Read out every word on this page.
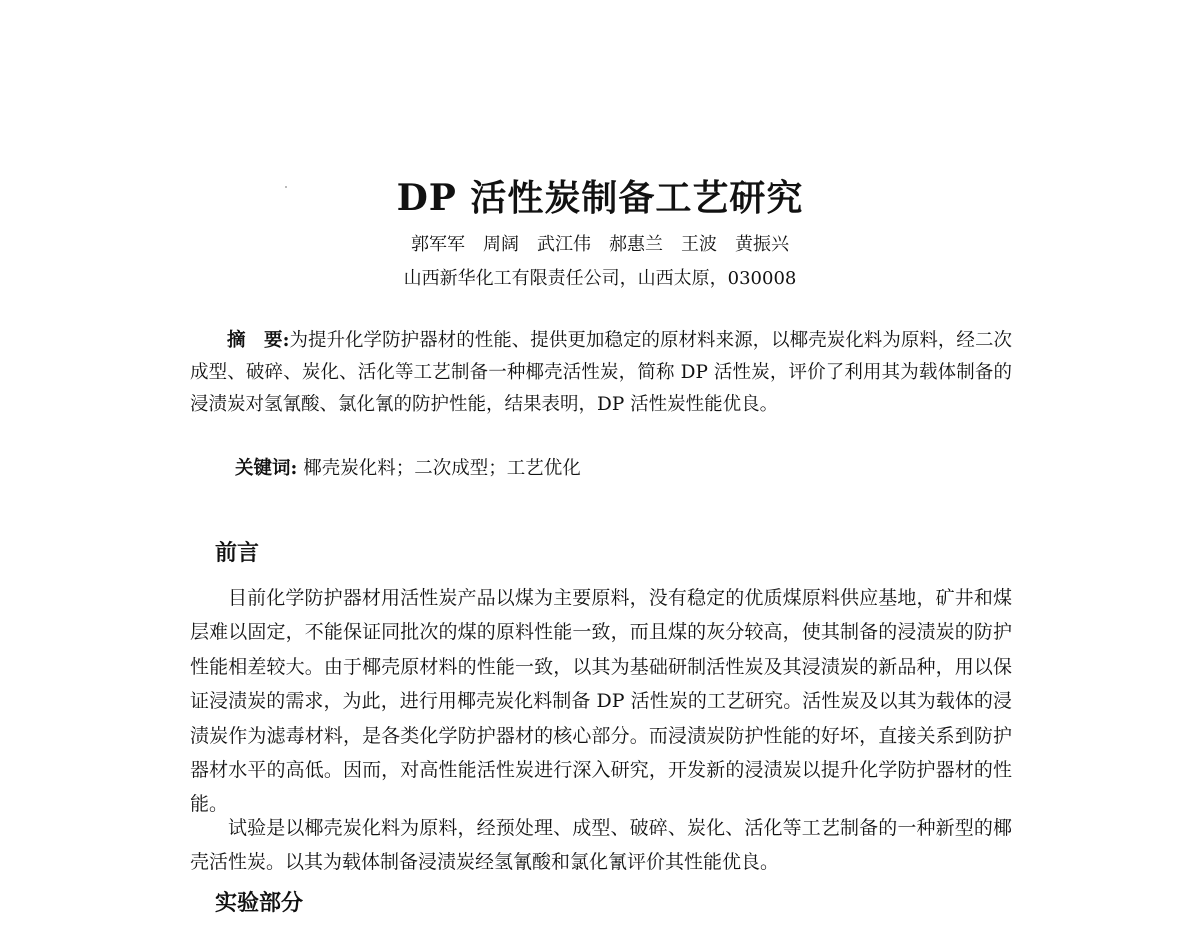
DP 活性炭制备工艺研究
郭军军 周阔 武江伟 郝惠兰 王波 黄振兴
山西新华化工有限责任公司，山西太原，030008

摘　要:为提升化学防护器材的性能、提供更加稳定的原材料来源，以椰壳炭化料为原料，经二次成型、破碎、炭化、活化等工艺制备一种椰壳活性炭，简称 DP 活性炭，评价了利用其为载体制备的浸渍炭对氢氰酸、氯化氰的防护性能，结果表明，DP 活性炭性能优良。

关键词: 椰壳炭化料；二次成型；工艺优化
前言

目前化学防护器材用活性炭产品以煤为主要原料，没有稳定的优质煤原料供应基地，矿井和煤层难以固定，不能保证同批次的煤的原料性能一致，而且煤的灰分较高，使其制备的浸渍炭的防护性能相差较大。由于椰壳原材料的性能一致，以其为基础研制活性炭及其浸渍炭的新品种，用以保证浸渍炭的需求，为此，进行用椰壳炭化料制备 DP 活性炭的工艺研究。活性炭及以其为载体的浸渍炭作为滤毒材料，是各类化学防护器材的核心部分。而浸渍炭防护性能的好坏，直接关系到防护器材水平的高低。因而，对高性能活性炭进行深入研究，开发新的浸渍炭以提升化学防护器材的性能。

试验是以椰壳炭化料为原料，经预处理、成型、破碎、炭化、活化等工艺制备的一种新型的椰壳活性炭。以其为载体制备浸渍炭经氢氰酸和氯化氰评价其性能优良。

实验部分
